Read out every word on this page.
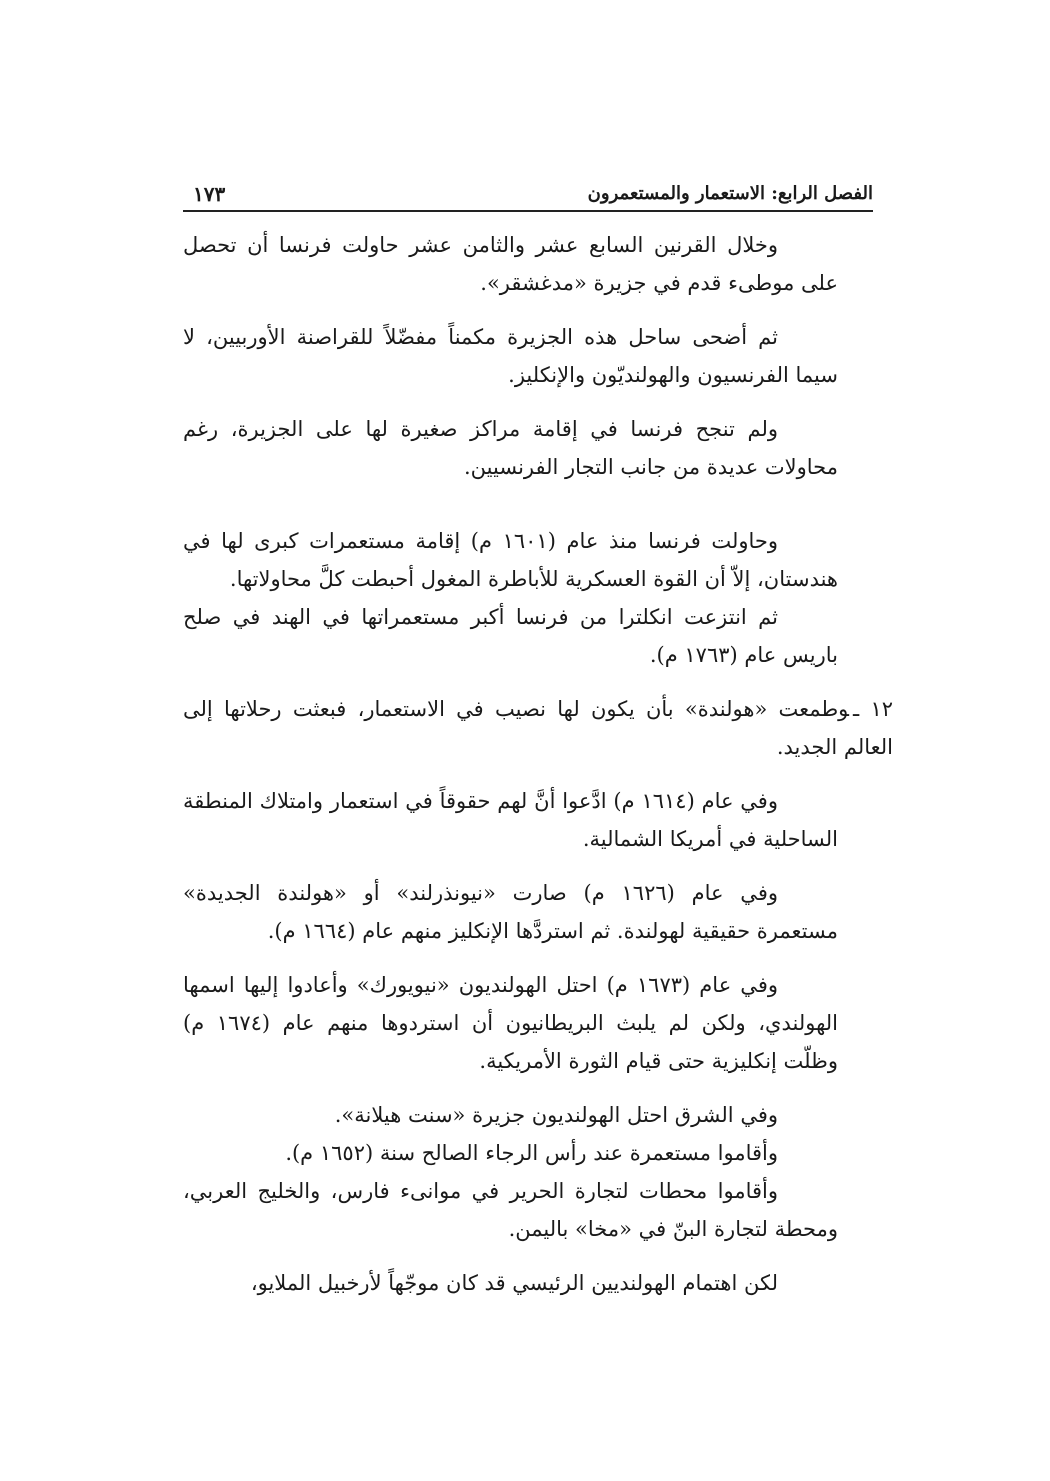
الفصل الرابع: الاستعمار والمستعمرون
١٧٣

وخلال القرنين السابع عشر والثامن عشر حاولت فرنسا أن تحصل على موطىء قدم في جزيرة «مدغشقر».

ثم أضحى ساحل هذه الجزيرة مكمناً مفضّلاً للقراصنة الأوربيين، لا سيما الفرنسيون والهولنديّون والإنكليز.

ولم تنجح فرنسا في إقامة مراكز صغيرة لها على الجزيرة، رغم محاولات عديدة من جانب التجار الفرنسيين.

وحاولت فرنسا منذ عام (١٦٠١ م) إقامة مستعمرات كبرى لها في هندستان، إلاّ أن القوة العسكرية للأباطرة المغول أحبطت كلَّ محاولاتها.

ثم انتزعت انكلترا من فرنسا أكبر مستعمراتها في الهند في صلح باريس عام (١٧٦٣ م).

١٢ ـوطمعت «هولندة» بأن يكون لها نصيب في الاستعمار، فبعثت رحلاتها إلى العالم الجديد.

وفي عام (١٦١٤ م) ادَّعوا أنَّ لهم حقوقاً في استعمار وامتلاك المنطقة الساحلية في أمريكا الشمالية.

وفي عام (١٦٢٦ م) صارت «نيونذرلند» أو «هولندة الجديدة» مستعمرة حقيقية لهولندة. ثم استردَّها الإنكليز منهم عام (١٦٦٤ م).

وفي عام (١٦٧٣ م) احتل الهولنديون «نيويورك» وأعادوا إليها اسمها الهولندي، ولكن لم يلبث البريطانيون أن استردوها منهم عام (١٦٧٤ م) وظلّت إنكليزية حتى قيام الثورة الأمريكية.

وفي الشرق احتل الهولنديون جزيرة «سنت هيلانة».

وأقاموا مستعمرة عند رأس الرجاء الصالح سنة (١٦٥٢ م).

وأقاموا محطات لتجارة الحرير في موانىء فارس، والخليج العربي، ومحطة لتجارة البنّ في «مخا» باليمن.

لكن اهتمام الهولنديين الرئيسي قد كان موجّهاً لأرخبيل الملايو،
